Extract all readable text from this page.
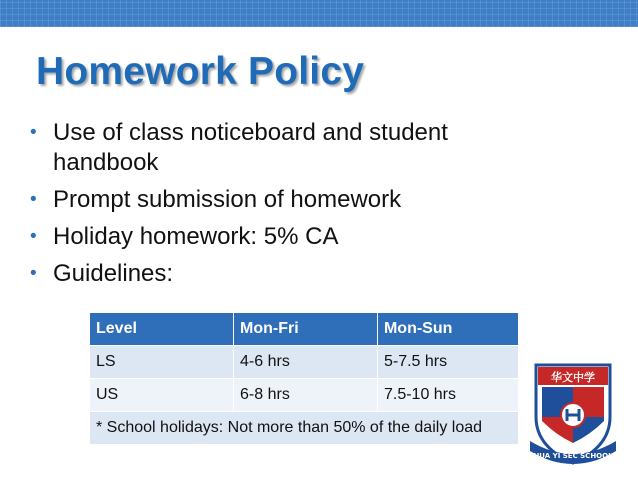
Homework Policy
• Use of class noticeboard and student handbook
• Prompt submission of homework
• Holiday homework: 5% CA
• Guidelines:
Level	Mon-Fri	Mon-Sun
LS	4-6 hrs	5-7.5 hrs
US	6-8 hrs	7.5-10 hrs
* School holidays: Not more than 50% of the daily load		
华文中学
HUA YI SEC SCHOOL
